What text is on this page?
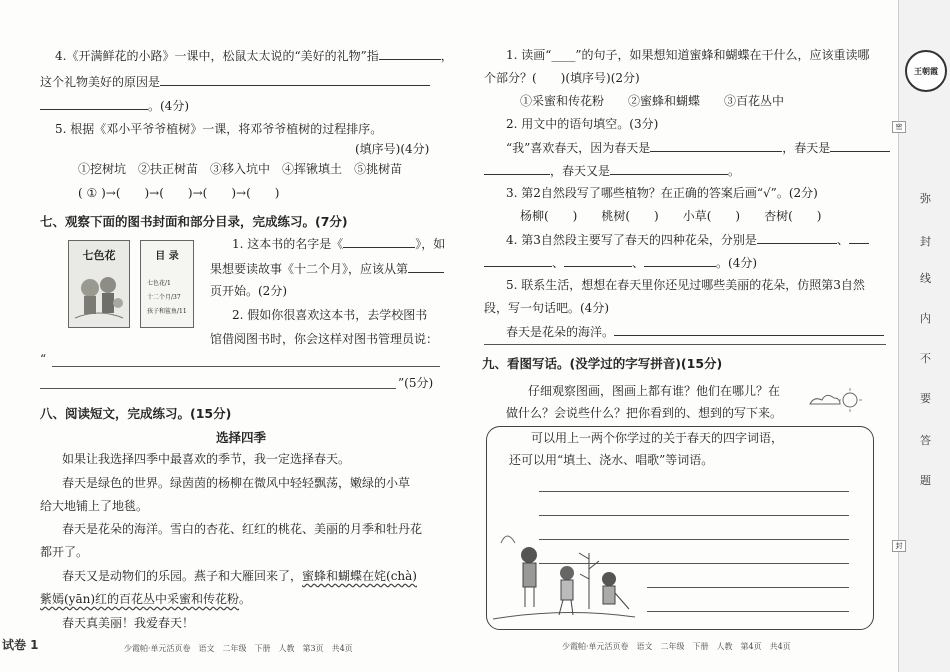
4.《开满鲜花的小路》一课中，松鼠太太说的“美好的礼物”指	，
这个礼物美好的原因是
。(4分)
5. 根据《邓小平爷爷植树》一课，将邓爷爷植树的过程排序。
(填序号)(4分)
①挖树坑  ②扶正树苗  ③移入坑中  ④挥锹填土  ⑤挑树苗
( ① )→(　　)→(　　)→(　　)→(　　)
七、观察下面的图书封面和部分目录，完成练习。(7分)
七色花	目 录
七色花/1
十二个月/37
孩子和鲨鱼/11
1. 这本书的名字是《	》，如
果想要读故事《十二个月》，应该从第
页开始。(2分)
2. 假如你很喜欢这本书，去学校图书
馆借阅图书时，你会这样对图书管理员说：
“
”(5分)
八、阅读短文，完成练习。(15分)
选择四季
如果让我选择四季中最喜欢的季节，我一定选择春天。
春天是绿色的世界。绿茵茵的杨柳在微风中轻轻飘荡，嫩绿的小草
给大地铺上了地毯。
春天是花朵的海洋。雪白的杏花、红红的桃花、美丽的月季和牡丹花
都开了。
春天又是动物们的乐园。燕子和大雁回来了，蜜蜂和蝴蝶在姹(chà)
紫嫣(yān)红的百花丛中采蜜和传花粉。
春天真美丽！我爱春天！
试卷 1	少霞帕·单元活页卷　语文　二年级　下册　人教　第3页　共4页
1. 读画“____”的句子，如果想知道蜜蜂和蝴蝶在干什么，应该重读哪
个部分？(　　)(填序号)(2分)
①采蜜和传花粉   ②蜜蜂和蝴蝶   ③百花丛中
2. 用文中的语句填空。(3分)
“我”喜欢春天，因为春天是	，春天是
，春天又是	。
3. 第2自然段写了哪些植物？在正确的答案后画“√”。(2分)
杨柳(　　)   桃树(　　)   小草(　　)   杏树(　　)
4. 第3自然段主要写了春天的四种花朵，分别是	、
、	、	。(4分)
5. 联系生活，想想在春天里你还见过哪些美丽的花朵，仿照第3自然
段，写一句话吧。(4分)
春天是花朵的海洋。
九、看图写话。(没学过的字写拼音)(15分)
仔细观察图画，图画上都有谁？他们在哪儿？在
做什么？会说些什么？把你看到的、想到的写下来。
可以用上一两个你学过的关于春天的四字词语，
还可以用“填土、浇水、唱歌”等词语。
少霞帕·单元活页卷　语文　二年级　下册　人教　第4页　共4页
王朝霞
密
封
弥
封
线
内
不
要
答
题
